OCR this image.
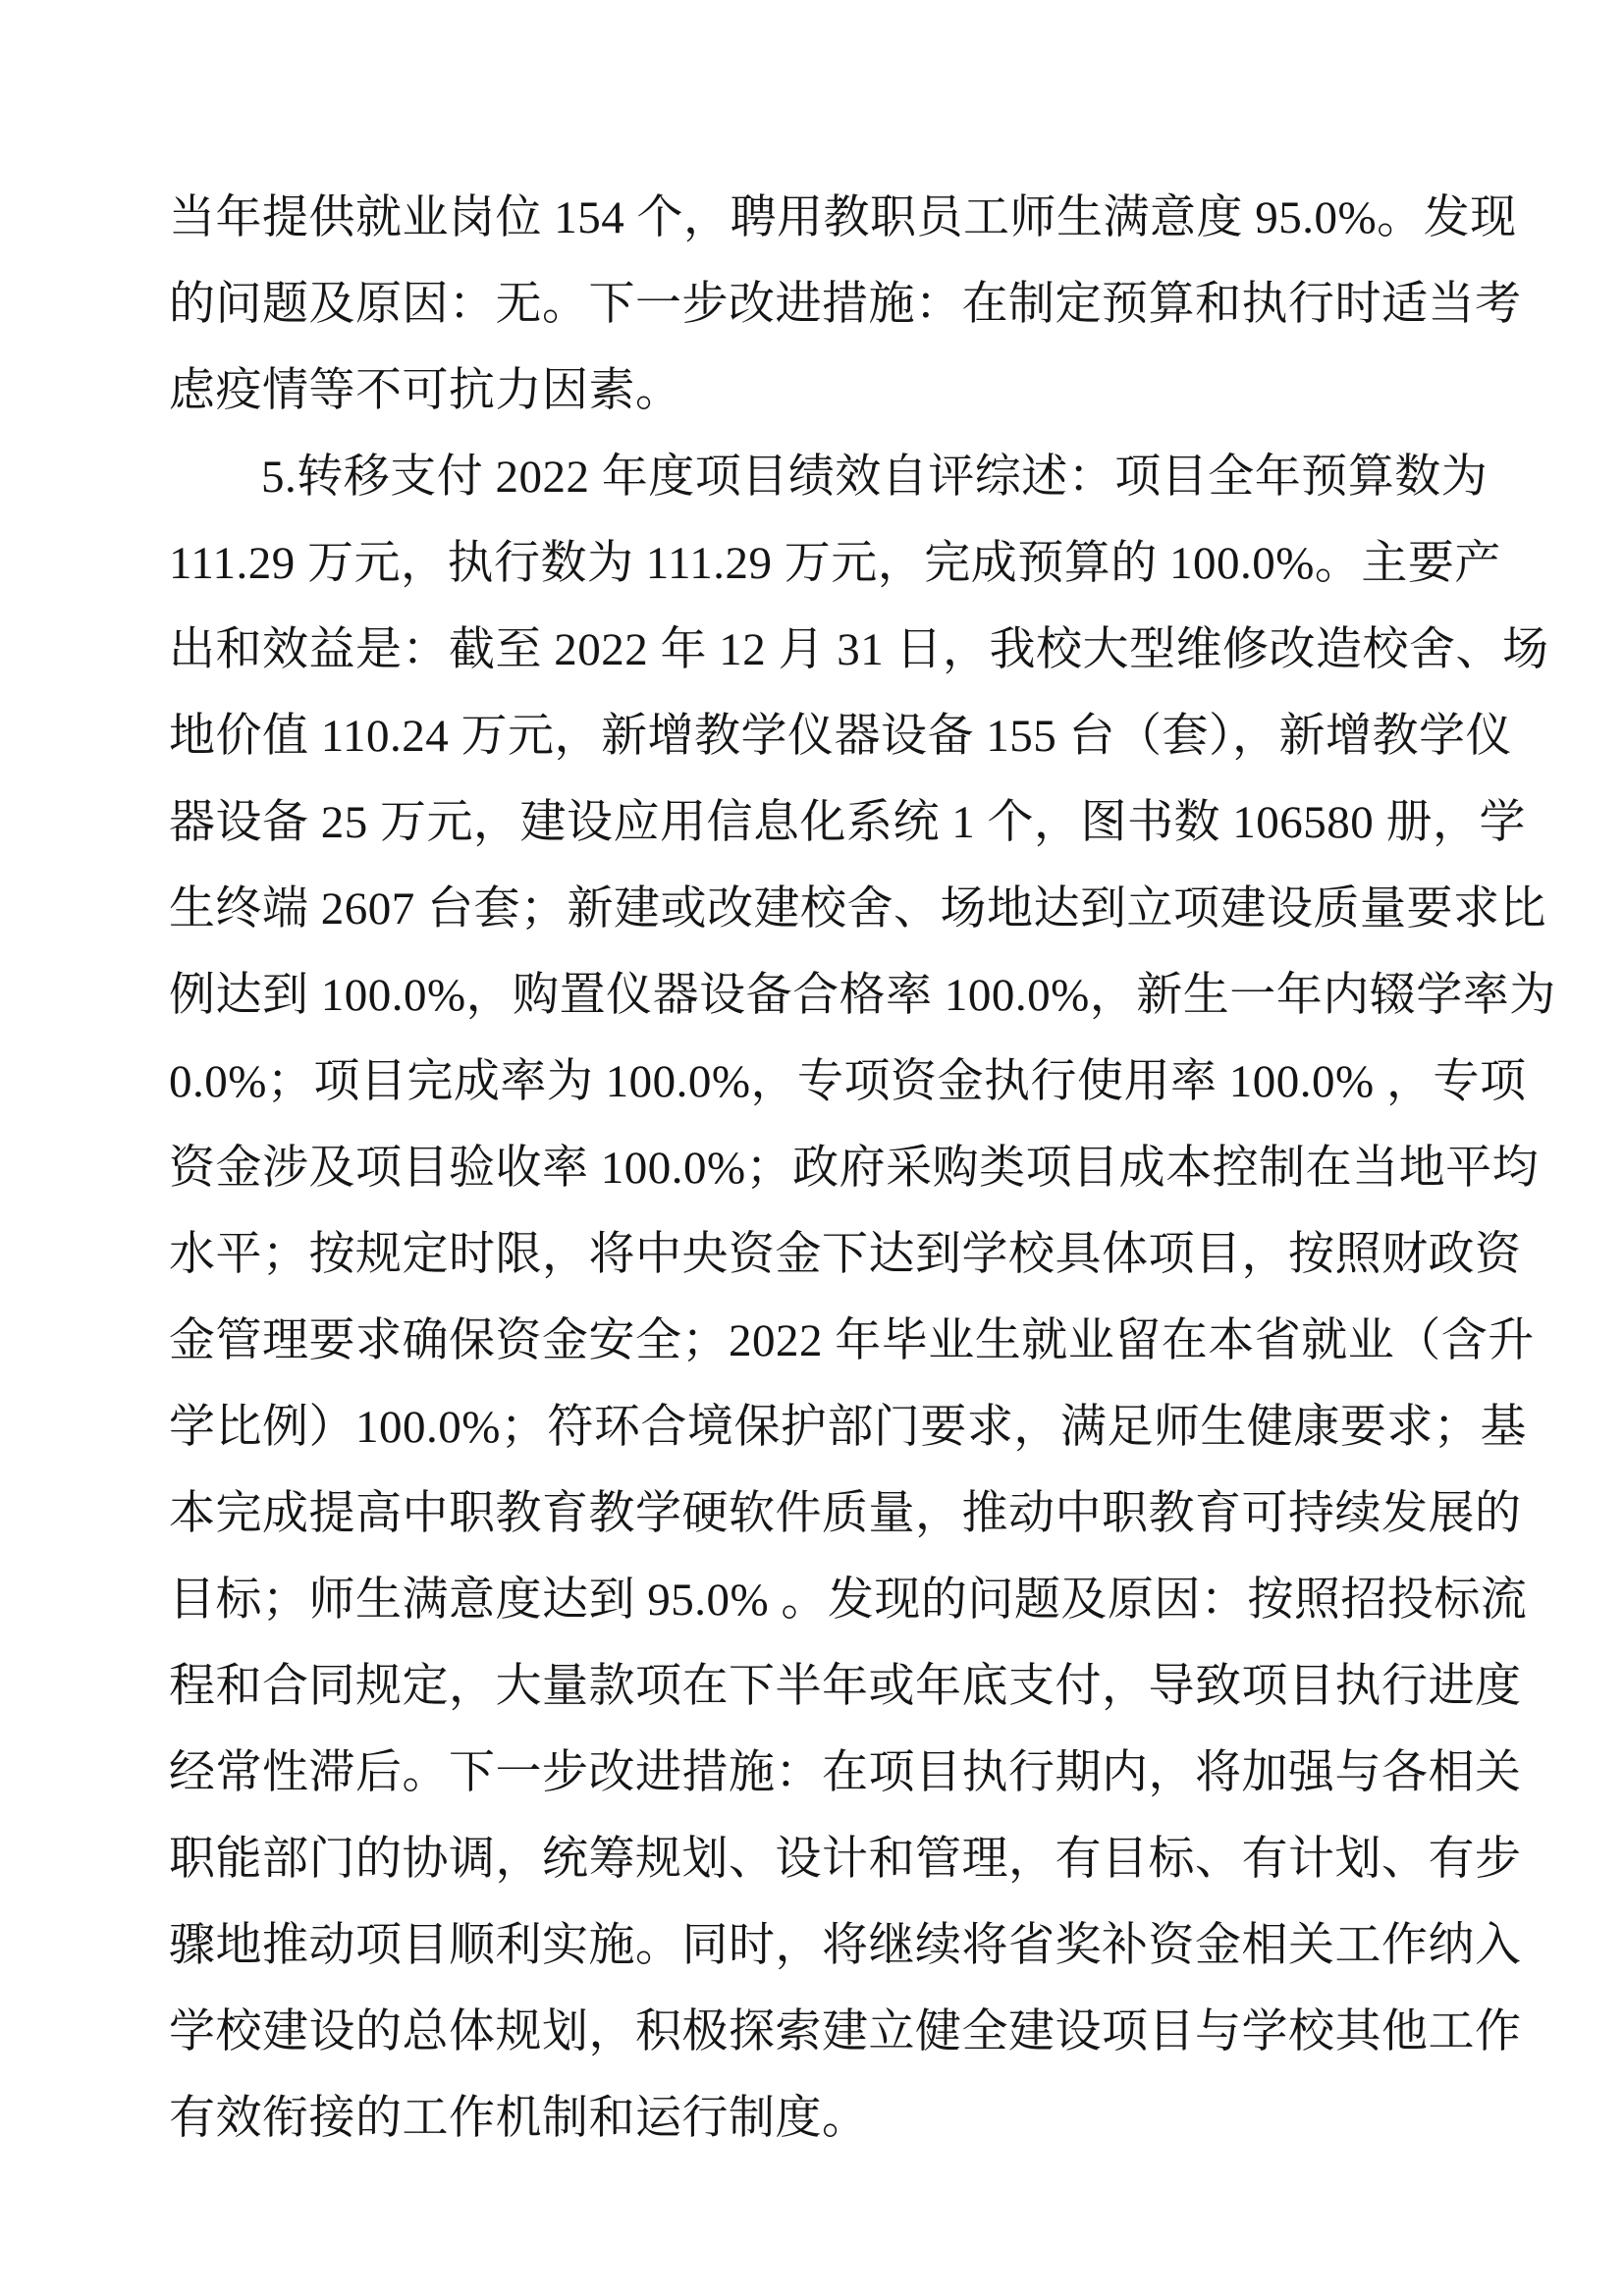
当年提供就业岗位 154 个，聘用教职员工师生满意度 95.0%。发现
的问题及原因：无。下一步改进措施：在制定预算和执行时适当考
虑疫情等不可抗力因素。
5.转移支付 2022 年度项目绩效自评综述：项目全年预算数为
111.29 万元，执行数为 111.29 万元，完成预算的 100.0%。主要产
出和效益是：截至 2022 年 12 月 31 日，我校大型维修改造校舍、场
地价值 110.24 万元，新增教学仪器设备 155 台（套），新增教学仪
器设备 25 万元，建设应用信息化系统 1 个，图书数 106580 册，学
生终端 2607 台套；新建或改建校舍、场地达到立项建设质量要求比
例达到 100.0%，购置仪器设备合格率 100.0%，新生一年内辍学率为
0.0%；项目完成率为 100.0%，专项资金执行使用率 100.0% ，专项
资金涉及项目验收率 100.0%；政府采购类项目成本控制在当地平均
水平；按规定时限，将中央资金下达到学校具体项目，按照财政资
金管理要求确保资金安全；2022 年毕业生就业留在本省就业（含升
学比例）100.0%；符环合境保护部门要求，满足师生健康要求；基
本完成提高中职教育教学硬软件质量，推动中职教育可持续发展的
目标；师生满意度达到 95.0% 。发现的问题及原因：按照招投标流
程和合同规定，大量款项在下半年或年底支付，导致项目执行进度
经常性滞后。下一步改进措施：在项目执行期内，将加强与各相关
职能部门的协调，统筹规划、设计和管理，有目标、有计划、有步
骤地推动项目顺利实施。同时，将继续将省奖补资金相关工作纳入
学校建设的总体规划，积极探索建立健全建设项目与学校其他工作
有效衔接的工作机制和运行制度。
